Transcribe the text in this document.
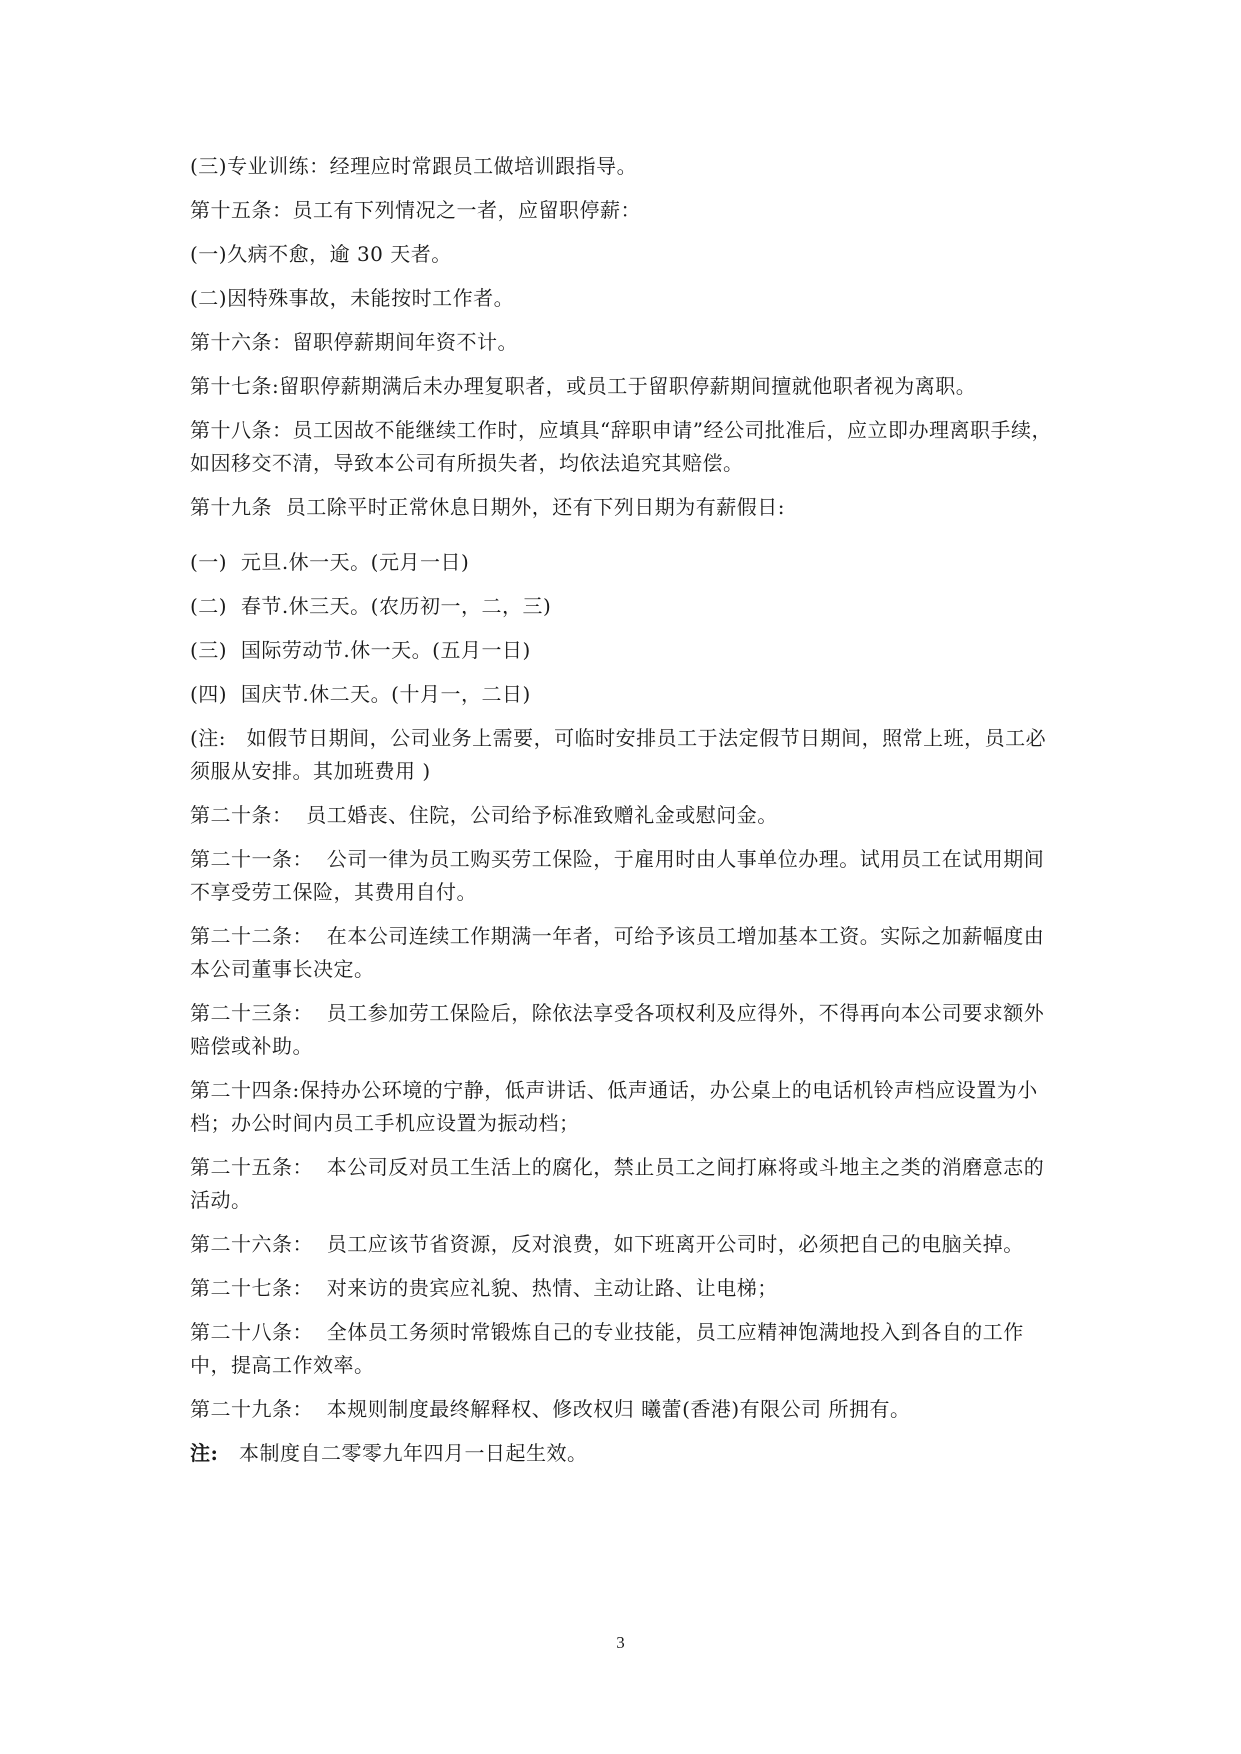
(三)专业训练：经理应时常跟员工做培训跟指导。

第十五条：员工有下列情况之一者，应留职停薪：

(一)久病不愈，逾 30 天者。

(二)因特殊事故，未能按时工作者。

第十六条：留职停薪期间年资不计。

第十七条:留职停薪期满后未办理复职者，或员工于留职停薪期间擅就他职者视为离职。

第十八条：员工因故不能继续工作时，应填具“辞职申请”经公司批准后，应立即办理离职手续，如因移交不清，导致本公司有所损失者，均依法追究其赔偿。

第十九条  员工除平时正常休息日期外，还有下列日期为有薪假日:

(一)  元旦.休一天。(元月一日)

(二)  春节.休三天。(农历初一，二，三)

(三)  国际劳动节.休一天。(五月一日)

(四)  国庆节.休二天。(十月一，二日)

(注:   如假节日期间，公司业务上需要，可临时安排员工于法定假节日期间，照常上班，员工必须服从安排。其加班费用 )

第二十条：  员工婚丧、住院，公司给予标准致赠礼金或慰问金。

第二十一条：  公司一律为员工购买劳工保险，于雇用时由人事单位办理。试用员工在试用期间不享受劳工保险，其费用自付。

第二十二条：  在本公司连续工作期满一年者，可给予该员工增加基本工资。实际之加薪幅度由本公司董事长决定。

第二十三条：  员工参加劳工保险后，除依法享受各项权利及应得外，不得再向本公司要求额外赔偿或补助。

第二十四条:保持办公环境的宁静，低声讲话、低声通话，办公桌上的电话机铃声档应设置为小档；办公时间内员工手机应设置为振动档；

第二十五条：  本公司反对员工生活上的腐化，禁止员工之间打麻将或斗地主之类的消磨意志的活动。

第二十六条：  员工应该节省资源，反对浪费，如下班离开公司时，必须把自己的电脑关掉。

第二十七条：  对来访的贵宾应礼貌、热情、主动让路、让电梯；

第二十八条：  全体员工务须时常锻炼自己的专业技能，员工应精神饱满地投入到各自的工作中，提高工作效率。

第二十九条：  本规则制度最终解释权、修改权归 曦蕾(香港)有限公司 所拥有。

注:   本制度自二零零九年四月一日起生效。

3
